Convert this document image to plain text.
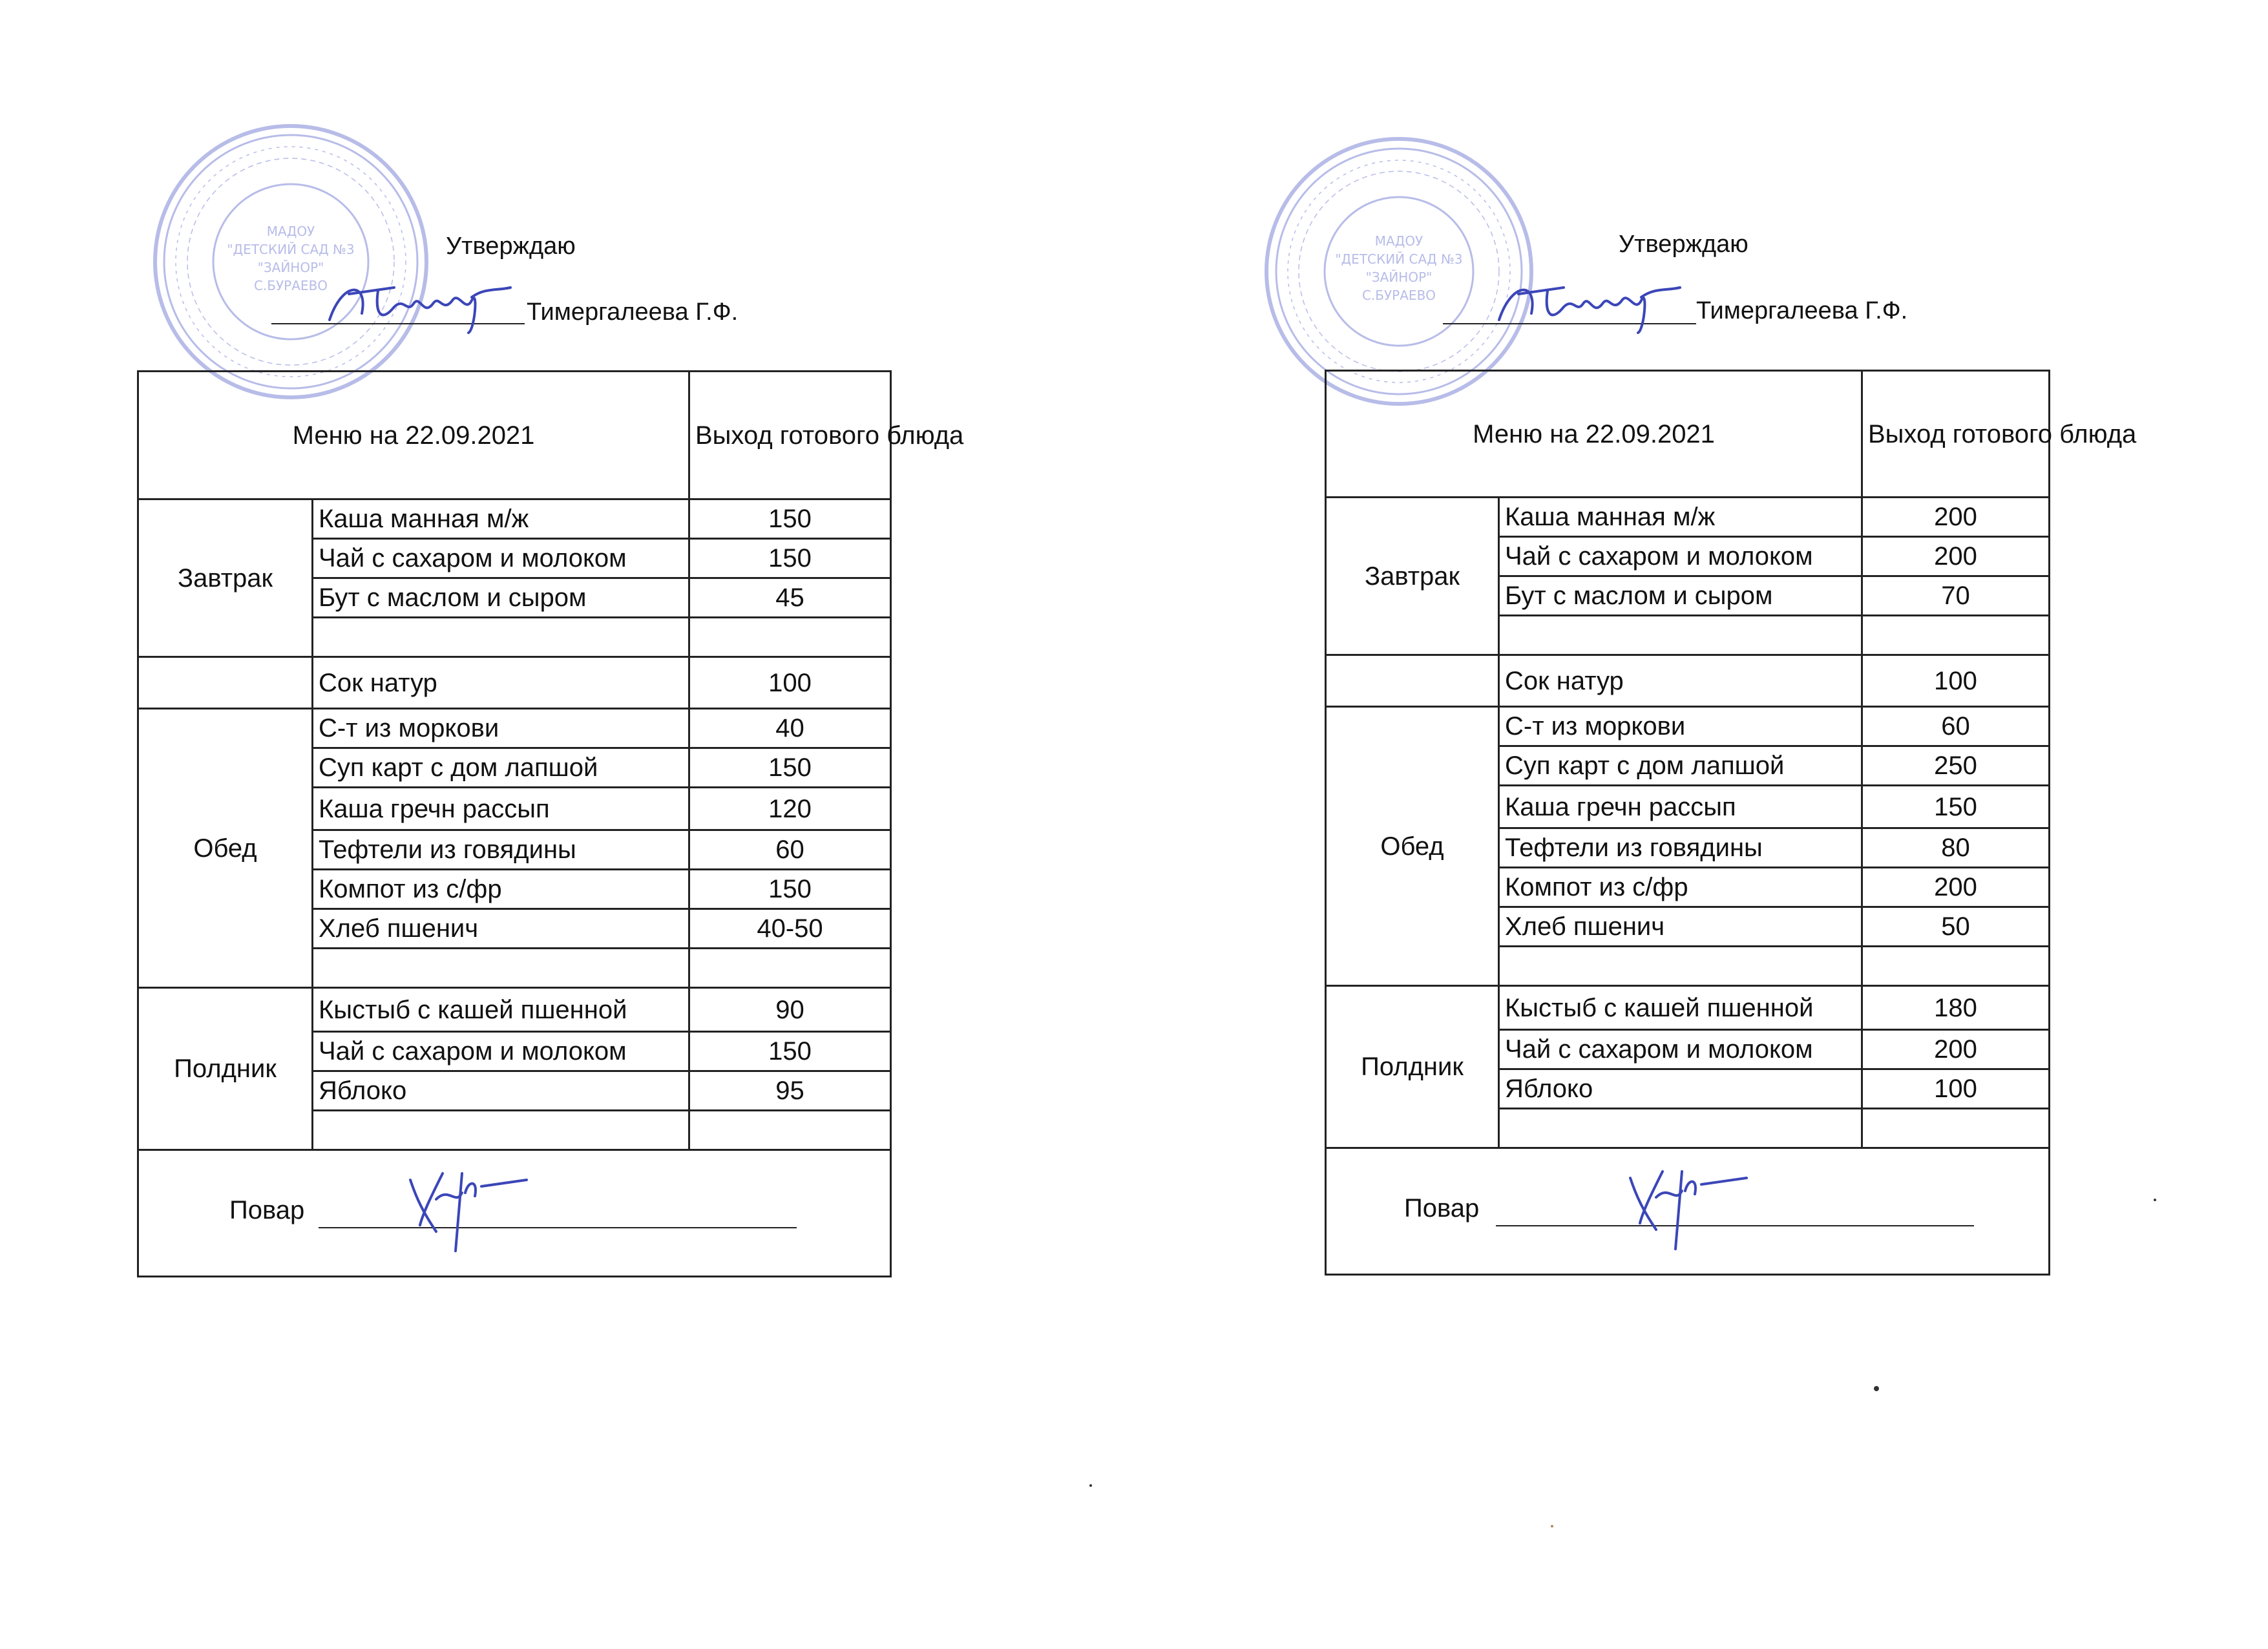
МАДОУ
"ДЕТСКИЙ САД №3
"ЗАЙНОР"
С.БУРАЕВО
Утверждаю
Тимергалеева Г.Ф.
Меню на 22.09.2021		Выход готового блюда
Завтрак	Каша манная м/ж	150
	Чай с сахаром и молоком	150
	Бут с маслом и сыром	45

	Сок натур	100
Обед	С-т из моркови	40
	Суп карт с дом лапшой	150
	Каша гречн рассып	120
	Тефтели из говядины	60
	Компот из с/фр	150
	Хлеб пшенич	40-50

Полдник	Кыстыб с кашей пшенной	90
	Чай с сахаром и молоком	150
	Яблоко	95

Повар		
МАДОУ
"ДЕТСКИЙ САД №3
"ЗАЙНОР"
С.БУРАЕВО
Утверждаю
Тимергалеева Г.Ф.
Меню на 22.09.2021		Выход готового блюда
Завтрак	Каша манная м/ж	200
	Чай с сахаром и молоком	200
	Бут с маслом и сыром	70

	Сок натур	100
Обед	С-т из моркови	60
	Суп карт с дом лапшой	250
	Каша гречн рассып	150
	Тефтели из говядины	80
	Компот из с/фр	200
	Хлеб пшенич	50

Полдник	Кыстыб с кашей пшенной	180
	Чай с сахаром и молоком	200
	Яблоко	100

Повар		
